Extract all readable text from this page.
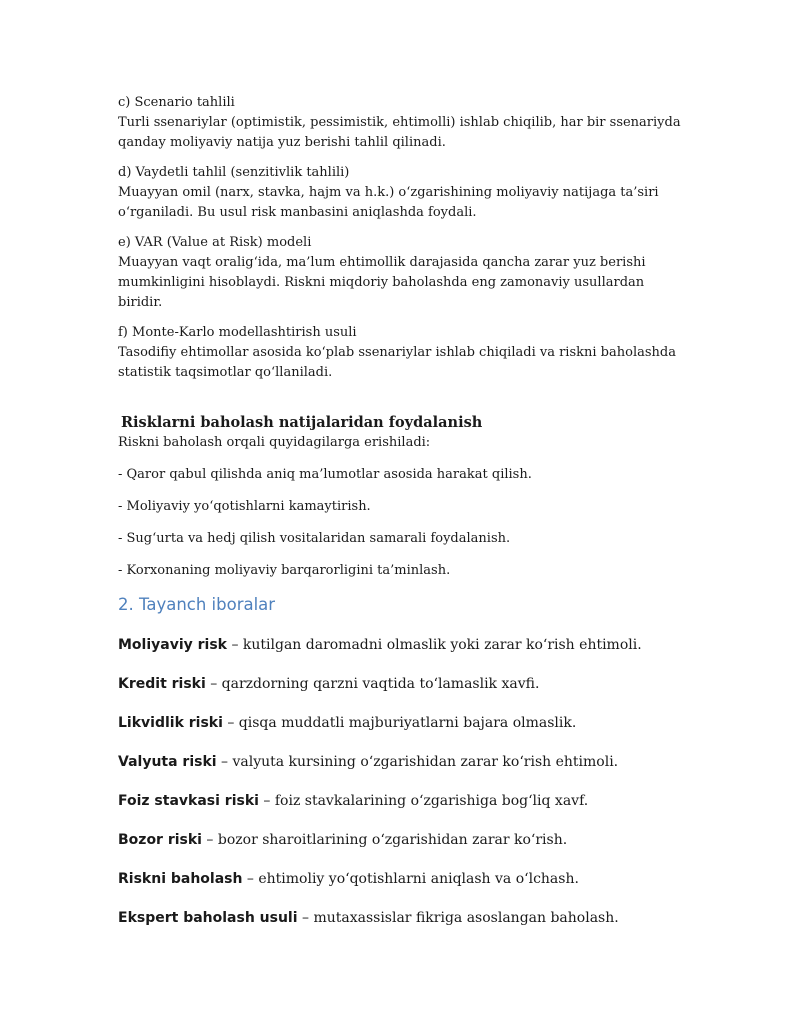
c) Scenario tahlili
Turli ssenariylar (optimistik, pessimistik, ehtimolli) ishlab chiqilib, har bir ssenariyda qanday moliyaviy natija yuz berishi tahlil qilinadi.
d) Vaydetli tahlil (senzitivlik tahlili)
Muayyan omil (narx, stavka, hajm va h.k.) o‘zgarishining moliyaviy natijaga ta’siri o‘rganiladi. Bu usul risk manbasini aniqlashda foydali.
e) VAR (Value at Risk) modeli
Muayyan vaqt oralig‘ida, ma’lum ehtimollik darajasida qancha zarar yuz berishi mumkinligini hisoblaydi. Riskni miqdoriy baholashda eng zamonaviy usullardan biridir.
f) Monte-Karlo modellashtirish usuli
Tasodifiy ehtimollar asosida ko‘plab ssenariylar ishlab chiqiladi va riskni baholashda statistik taqsimotlar qo‘llaniladi.
Risklarni baholash natijalaridan foydalanish
Riskni baholash orqali quyidagilarga erishiladi:
- Qaror qabul qilishda aniq ma’lumotlar asosida harakat qilish.
- Moliyaviy yo‘qotishlarni kamaytirish.
- Sug‘urta va hedj qilish vositalaridan samarali foydalanish.
- Korxonaning moliyaviy barqarorligini ta’minlash.
2. Tayanch iboralar
Moliyaviy risk – kutilgan daromadni olmaslik yoki zarar ko‘rish ehtimoli.
Kredit riski – qarzdorning qarzni vaqtida to‘lamaslik xavfi.
Likvidlik riski – qisqa muddatli majburiyatlarni bajara olmaslik.
Valyuta riski – valyuta kursining o‘zgarishidan zarar ko‘rish ehtimoli.
Foiz stavkasi riski – foiz stavkalarining o‘zgarishiga bog‘liq xavf.
Bozor riski – bozor sharoitlarining o‘zgarishidan zarar ko‘rish.
Riskni baholash – ehtimoliy yo‘qotishlarni aniqlash va o‘lchash.
Ekspert baholash usuli – mutaxassislar fikriga asoslangan baholash.
